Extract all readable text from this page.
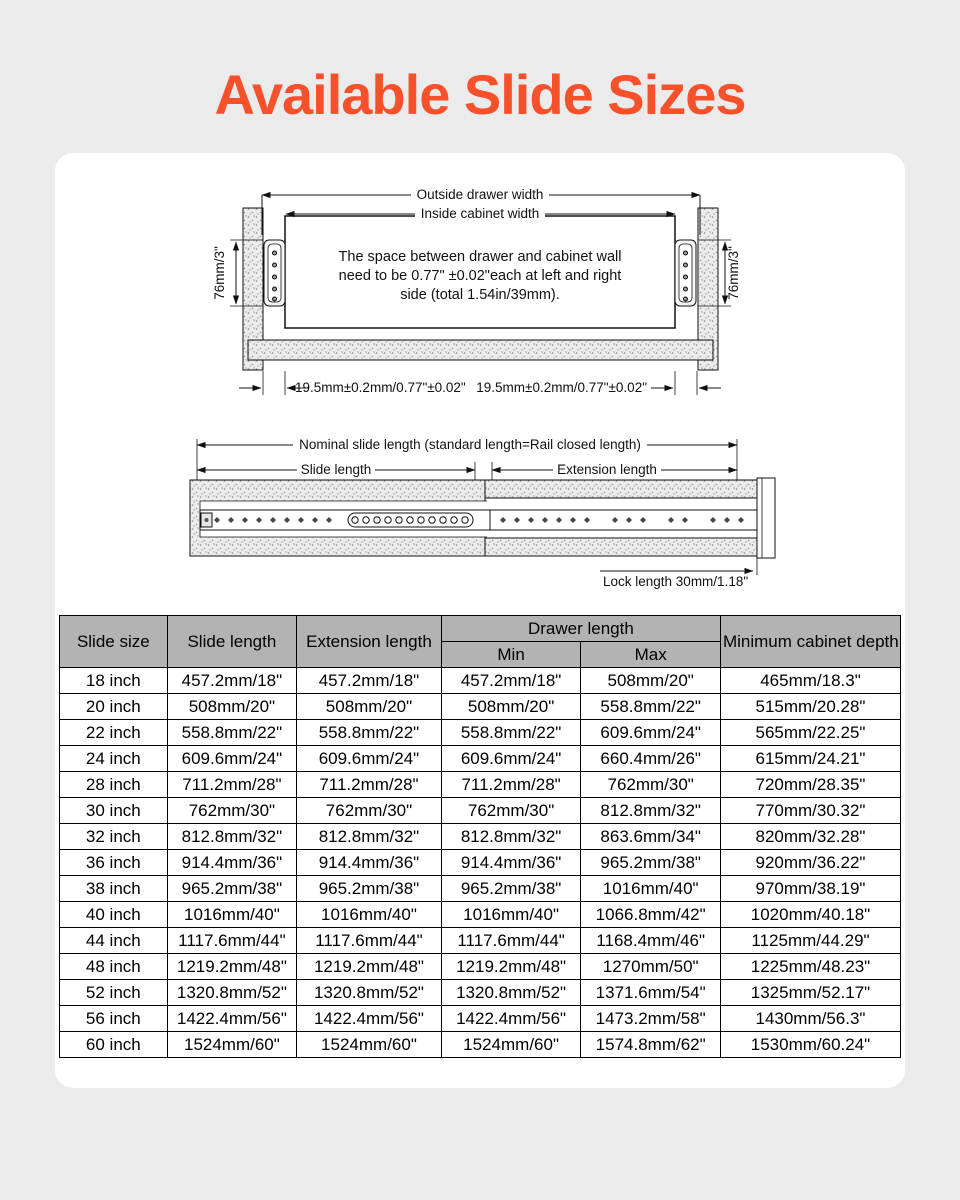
Available Slide Sizes
Outside drawer width
Inside cabinet width
The space between drawer and cabinet wall
need to be 0.77" ±0.02"each at left and right
side (total 1.54in/39mm).
76mm/3"	76mm/3"
19.5mm±0.2mm/0.77"±0.02" 19.5mm±0.2mm/0.77"±0.02"
Nominal slide length (standard length=Rail closed length)
Slide length	Extension length
Lock length 30mm/1.18"
Slide size	Slide length	Extension length	Drawer length		Minimum cabinet depth
			Min	Max	
18 inch	457.2mm/18"	457.2mm/18"	457.2mm/18"	508mm/20"	465mm/18.3"
20 inch	508mm/20"	508mm/20"	508mm/20"	558.8mm/22"	515mm/20.28"
22 inch	558.8mm/22"	558.8mm/22"	558.8mm/22"	609.6mm/24"	565mm/22.25"
24 inch	609.6mm/24"	609.6mm/24"	609.6mm/24"	660.4mm/26"	615mm/24.21"
28 inch	711.2mm/28"	711.2mm/28"	711.2mm/28"	762mm/30"	720mm/28.35"
30 inch	762mm/30"	762mm/30"	762mm/30"	812.8mm/32"	770mm/30.32"
32 inch	812.8mm/32"	812.8mm/32"	812.8mm/32"	863.6mm/34"	820mm/32.28"
36 inch	914.4mm/36"	914.4mm/36"	914.4mm/36"	965.2mm/38"	920mm/36.22"
38 inch	965.2mm/38"	965.2mm/38"	965.2mm/38"	1016mm/40"	970mm/38.19"
40 inch	1016mm/40"	1016mm/40"	1016mm/40"	1066.8mm/42"	1020mm/40.18"
44 inch	1117.6mm/44"	1117.6mm/44"	1117.6mm/44"	1168.4mm/46"	1125mm/44.29"
48 inch	1219.2mm/48"	1219.2mm/48"	1219.2mm/48"	1270mm/50"	1225mm/48.23"
52 inch	1320.8mm/52"	1320.8mm/52"	1320.8mm/52"	1371.6mm/54"	1325mm/52.17"
56 inch	1422.4mm/56"	1422.4mm/56"	1422.4mm/56"	1473.2mm/58"	1430mm/56.3"
60 inch	1524mm/60"	1524mm/60"	1524mm/60"	1574.8mm/62"	1530mm/60.24"
